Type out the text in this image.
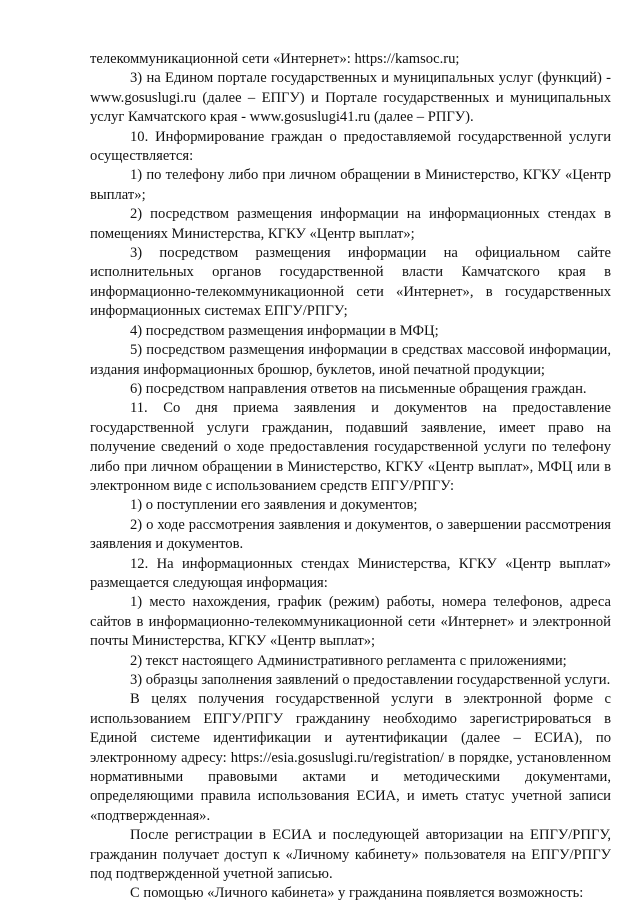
телекоммуникационной сети «Интернет»: https://kamsoc.ru;

3) на Едином портале государственных и муниципальных услуг (функций) - www.gosuslugi.ru (далее – ЕПГУ) и Портале государственных и муниципальных услуг Камчатского края - www.gosuslugi41.ru (далее – РПГУ).

10. Информирование граждан о предоставляемой государственной услуги осуществляется:

1) по телефону либо при личном обращении в Министерство, КГКУ «Центр выплат»;

2) посредством размещения информации на информационных стендах в помещениях Министерства, КГКУ «Центр выплат»;

3) посредством размещения информации на официальном сайте исполнительных органов государственной власти Камчатского края в информационно-телекоммуникационной сети «Интернет», в государственных информационных системах ЕПГУ/РПГУ;

4) посредством размещения информации в МФЦ;

5) посредством размещения информации в средствах массовой информации, издания информационных брошюр, буклетов, иной печатной продукции;

6) посредством направления ответов на письменные обращения граждан.

11. Со дня приема заявления и документов на предоставление государственной услуги гражданин, подавший заявление, имеет право на получение сведений о ходе предоставления государственной услуги по телефону либо при личном обращении в Министерство, КГКУ «Центр выплат», МФЦ или в электронном виде с использованием средств ЕПГУ/РПГУ:

1) о поступлении его заявления и документов;

2) о ходе рассмотрения заявления и документов, о завершении рассмотрения заявления и документов.

12. На информационных стендах Министерства, КГКУ «Центр выплат» размещается следующая информация:

1) место нахождения, график (режим) работы, номера телефонов, адреса сайтов в информационно-телекоммуникационной сети «Интернет» и электронной почты Министерства, КГКУ «Центр выплат»;

2) текст настоящего Административного регламента с приложениями;

3) образцы заполнения заявлений о предоставлении государственной услуги.

В целях получения государственной услуги в электронной форме с использованием ЕПГУ/РПГУ гражданину необходимо зарегистрироваться в Единой системе идентификации и аутентификации (далее – ЕСИА), по электронному адресу: https://esia.gosuslugi.ru/registration/ в порядке, установленном нормативными правовыми актами и методическими документами, определяющими правила использования ЕСИА, и иметь статус учетной записи «подтвержденная».

После регистрации в ЕСИА и последующей авторизации на ЕПГУ/РПГУ, гражданин получает доступ к «Личному кабинету» пользователя на ЕПГУ/РПГУ под подтвержденной учетной записью.

С помощью «Личного кабинета» у гражданина появляется возможность:
